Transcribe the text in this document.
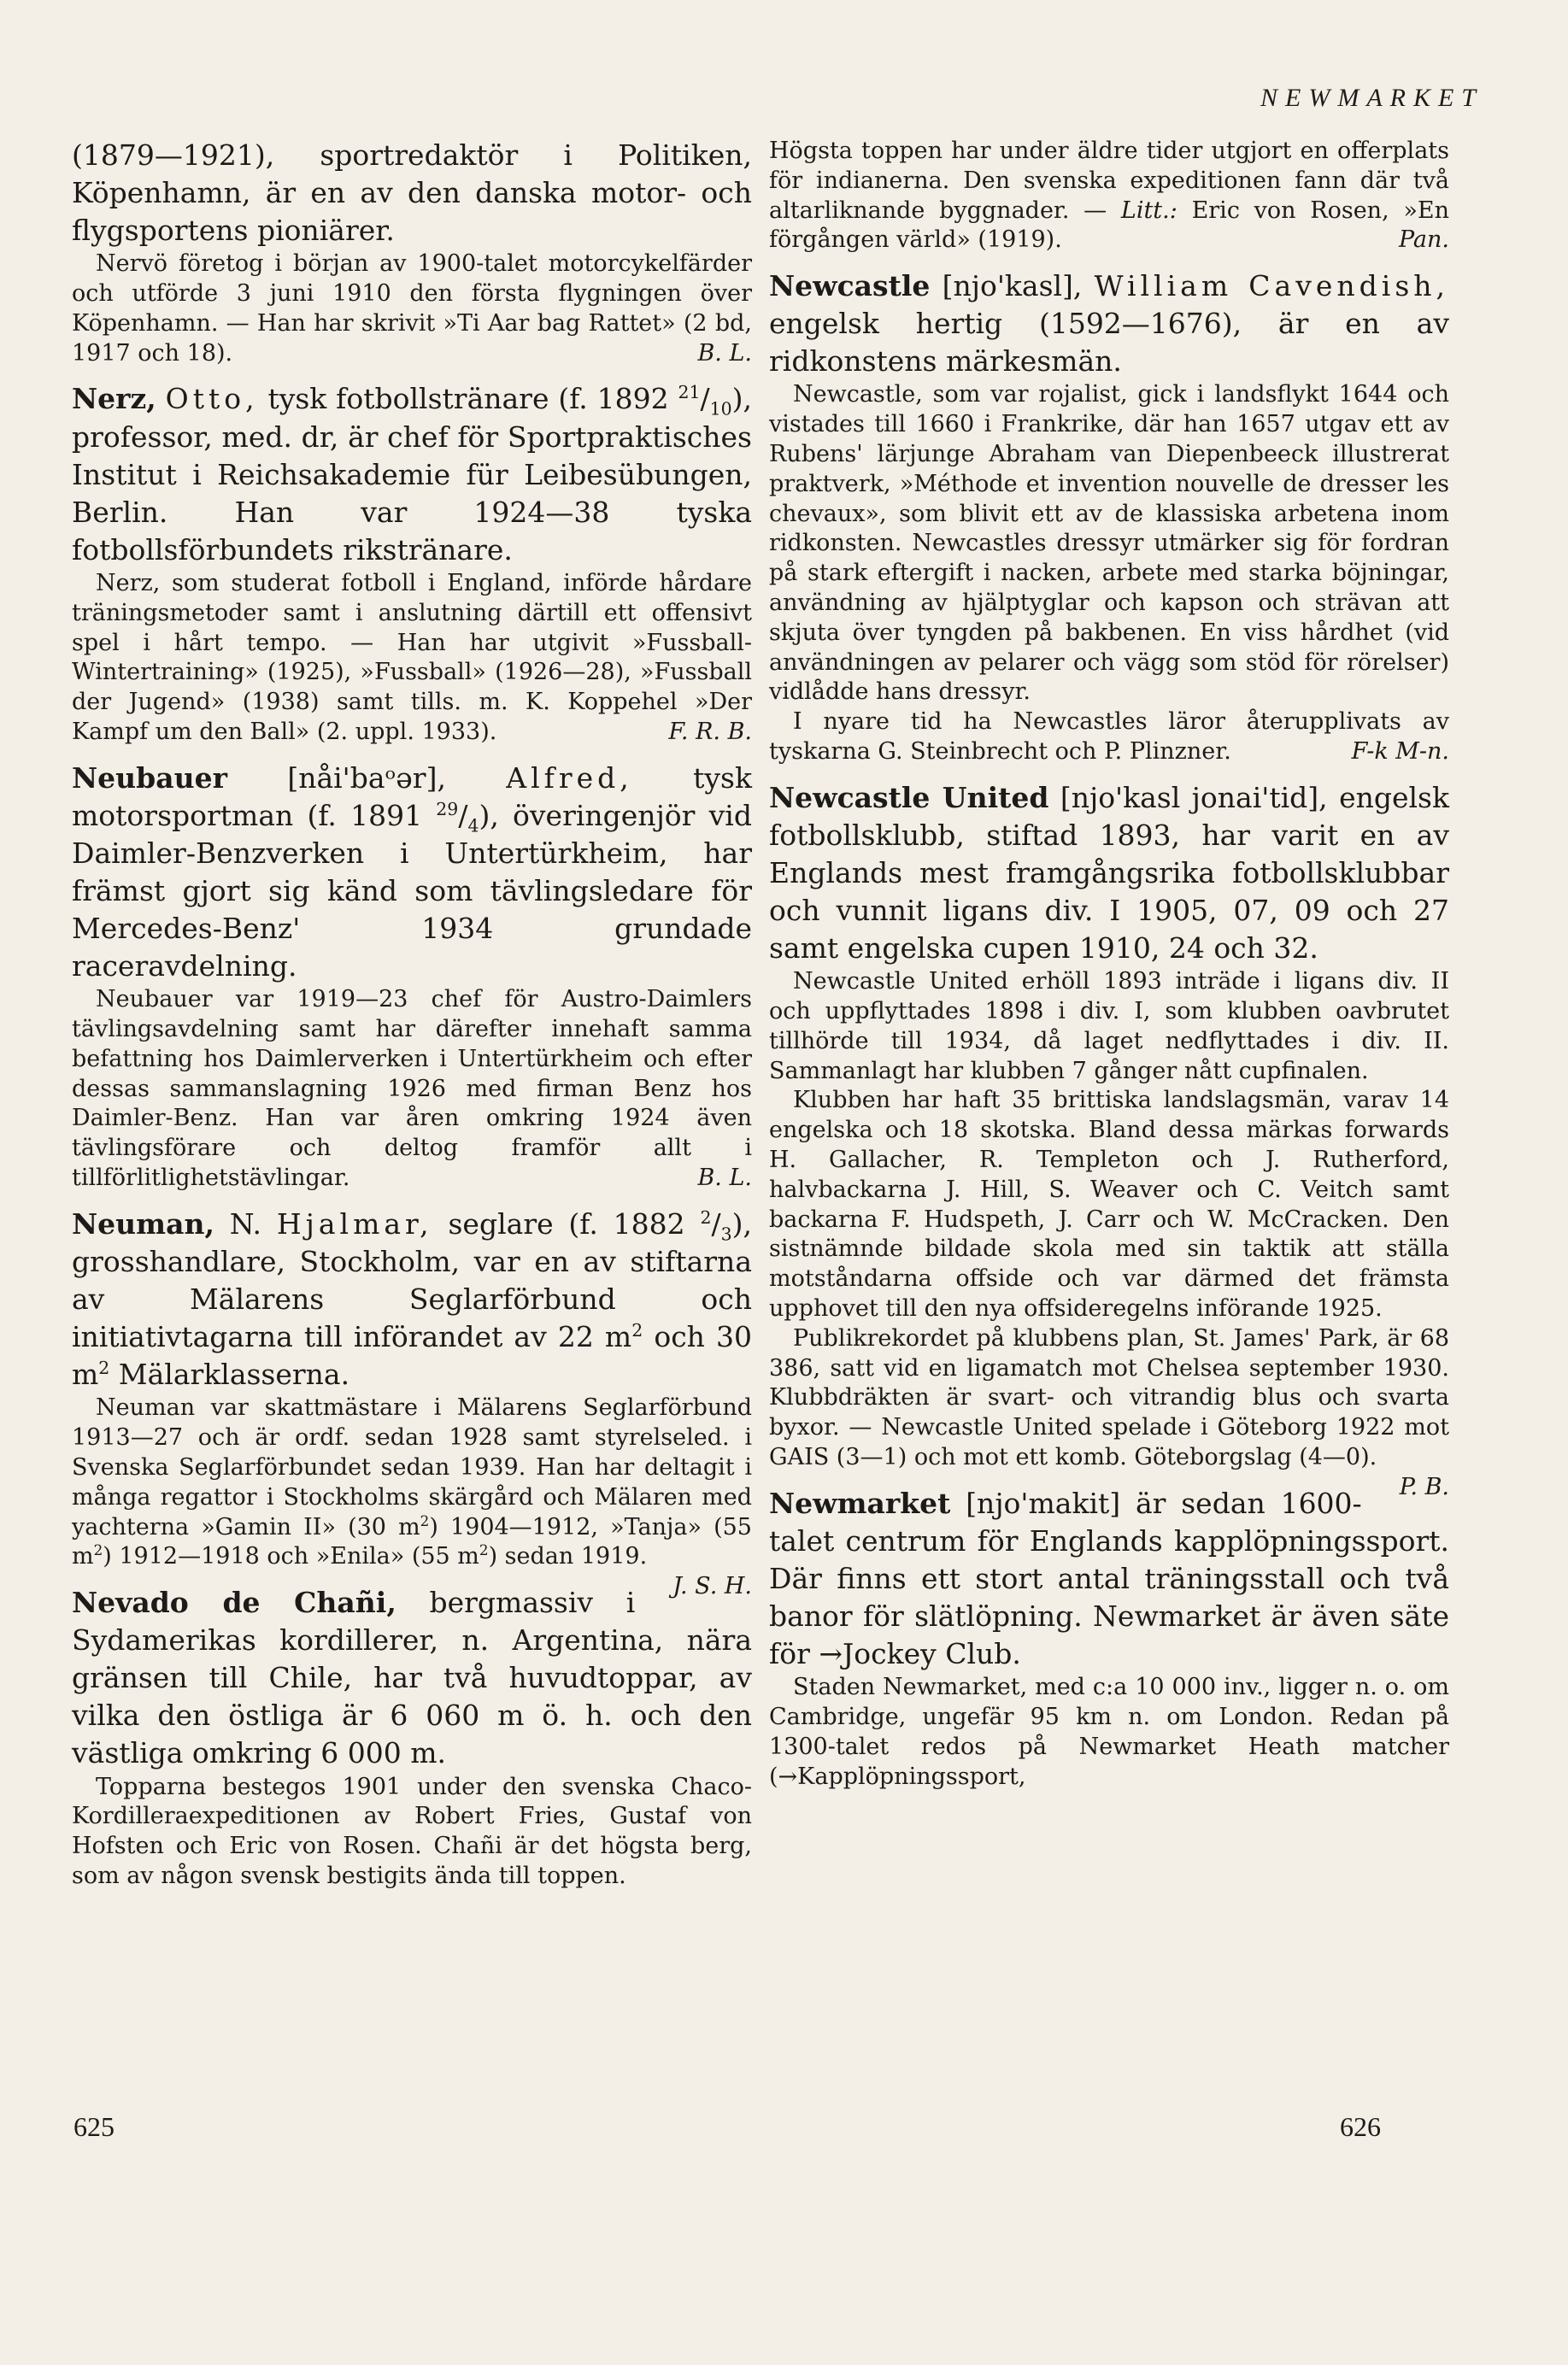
NEWMARKET

(1879—1921), sportredaktör i Politiken, Köpenhamn, är en av den danska motor- och flygsportens pioniärer.

Nervö företog i början av 1900-talet motorcykelfärder och utförde 3 juni 1910 den första flygningen över Köpenhamn. — Han har skrivit »Ti Aar bag Rattet» (2 bd, 1917 och 18).	B. L.

Nerz, Otto, tysk fotbollstränare (f. 1892 $^{21}/_{10}$), professor, med. dr, är chef för Sportpraktisches Institut i Reichsakademie für Leibesübungen, Berlin. Han var 1924—38 tyska fotbollsförbundets rikstränare.

Nerz, som studerat fotboll i England, införde hårdare träningsmetoder samt i anslutning därtill ett offensivt spel i hårt tempo. — Han har utgivit »Fussball-Wintertraining» (1925), »Fussball» (1926—28), »Fussball der Jugend» (1938) samt tills. m. K. Koppehel »Der Kampf um den Ball» (2. uppl. 1933).	F. R. B.

Neubauer [nåi'baᵒər], Alfred, tysk motorsportman (f. 1891 $^{29}/_4$), överingenjör vid Daimler-Benzverken i Untertürkheim, har främst gjort sig känd som tävlingsledare för Mercedes-Benz' 1934 grundade raceravdelning.

Neubauer var 1919—23 chef för Austro-Daimlers tävlingsavdelning samt har därefter innehaft samma befattning hos Daimlerverken i Untertürkheim och efter dessas sammanslagning 1926 med firman Benz hos Daimler-Benz. Han var åren omkring 1924 även tävlingsförare och deltog framför allt i tillförlitlighetstävlingar.	B. L.

Neuman, N. Hjalmar, seglare (f. 1882 $^2/_3$), grosshandlare, Stockholm, var en av stiftarna av Mälarens Seglarförbund och initiativtagarna till införandet av 22 $m^2$ och 30 $m^2$ Mälarklasserna.

Neuman var skattmästare i Mälarens Seglarförbund 1913—27 och är ordf. sedan 1928 samt styrelseled. i Svenska Seglarförbundet sedan 1939. Han har deltagit i många regattor i Stockholms skärgård och Mälaren med yachterna »Gamin II» (30 $m^2$) 1904—1912, »Tanja» (55 $m^2$) 1912—1918 och »Enila» (55 $m^2$) sedan 1919.
J. S. H.

Nevado de Chañi, bergmassiv i Sydamerikas kordillerer, n. Argentina, nära gränsen till Chile, har två huvudtoppar, av vilka den östliga är 6 060 m ö. h. och den västliga omkring 6 000 m.

Topparna bestegos 1901 under den svenska Chaco-Kordilleraexpeditionen av Robert Fries, Gustaf von Hofsten och Eric von Rosen. Chañi är det högsta berg, som av någon svensk bestigits ända till toppen.

Högsta toppen har under äldre tider utgjort en offerplats för indianerna. Den svenska expeditionen fann där två altarliknande byggnader. — Litt.: Eric von Rosen, »En förgången värld» (1919).	Pan.

Newcastle [njo'kasl], William Cavendish, engelsk hertig (1592—1676), är en av ridkonstens märkesmän.

Newcastle, som var rojalist, gick i landsflykt 1644 och vistades till 1660 i Frankrike, där han 1657 utgav ett av Rubens' lärjunge Abraham van Diepenbeeck illustrerat praktverk, »Méthode et invention nouvelle de dresser les chevaux», som blivit ett av de klassiska arbetena inom ridkonsten. Newcastles dressyr utmärker sig för fordran på stark eftergift i nacken, arbete med starka böjningar, användning av hjälptyglar och kapson och strävan att skjuta över tyngden på bakbenen. En viss hårdhet (vid användningen av pelarer och vägg som stöd för rörelser) vidlådde hans dressyr.

I nyare tid ha Newcastles läror återupplivats av tyskarna G. Steinbrecht och P. Plinzner.	F-k M-n.

Newcastle United [njo'kasl jonai'tid], engelsk fotbollsklubb, stiftad 1893, har varit en av Englands mest framgångsrika fotbollsklubbar och vunnit ligans div. I 1905, 07, 09 och 27 samt engelska cupen 1910, 24 och 32.

Newcastle United erhöll 1893 inträde i ligans div. II och uppflyttades 1898 i div. I, som klubben oavbrutet tillhörde till 1934, då laget nedflyttades i div. II. Sammanlagt har klubben 7 gånger nått cupfinalen.

Klubben har haft 35 brittiska landslagsmän, varav 14 engelska och 18 skotska. Bland dessa märkas forwards H. Gallacher, R. Templeton och J. Rutherford, halvbackarna J. Hill, S. Weaver och C. Veitch samt backarna F. Hudspeth, J. Carr och W. McCracken. Den sistnämnde bildade skola med sin taktik att ställa motståndarna offside och var därmed det främsta upphovet till den nya offsideregelns införande 1925.

Publikrekordet på klubbens plan, St. James' Park, är 68 386, satt vid en ligamatch mot Chelsea september 1930. Klubbdräkten är svart- och vitrandig blus och svarta byxor. — Newcastle United spelade i Göteborg 1922 mot GAIS (3—1) och mot ett komb. Göteborgslag (4—0).
P. B.

Newmarket [njo'makit] är sedan 1600-talet centrum för Englands kapplöpningssport. Där finns ett stort antal träningsstall och två banor för slätlöpning. Newmarket är även säte för →Jockey Club.

Staden Newmarket, med c:a 10 000 inv., ligger n. o. om Cambridge, ungefär 95 km n. om London. Redan på 1300-talet redos på Newmarket Heath matcher (→Kapplöpningssport,

625	626
